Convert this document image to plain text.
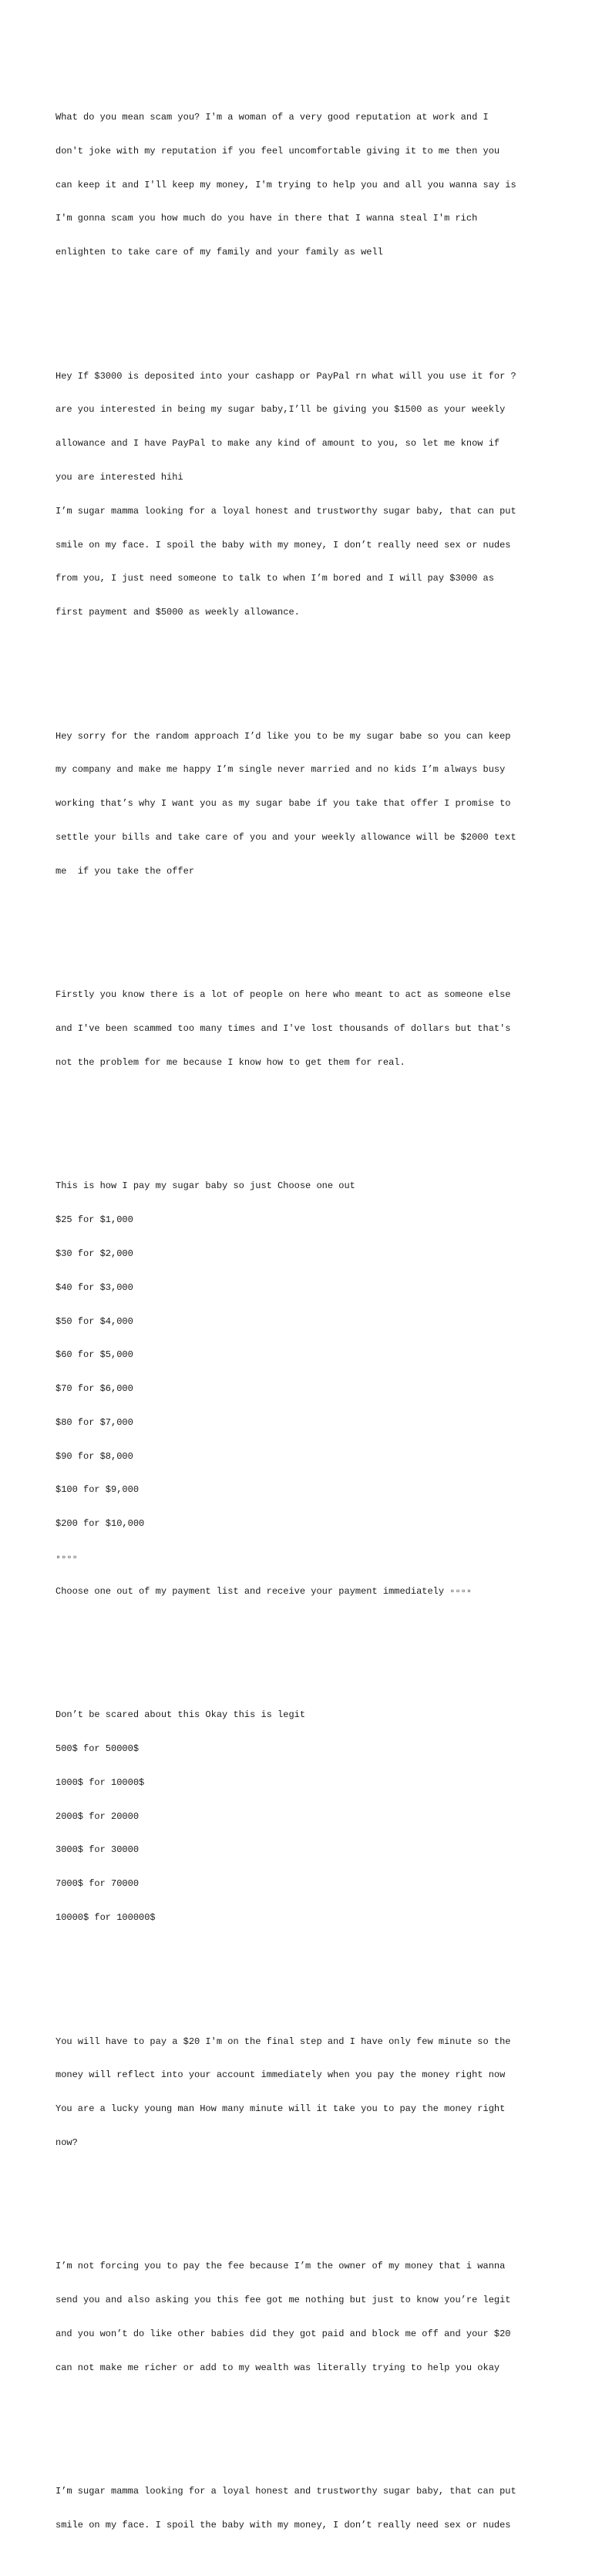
What do you mean scam you? I'm a woman of a very good reputation at work and I

don't joke with my reputation if you feel uncomfortable giving it to me then you

can keep it and I'll keep my money, I'm trying to help you and all you wanna say is

I'm gonna scam you how much do you have in there that I wanna steal I'm rich

enlighten to take care of my family and your family as well

Hey If $3000 is deposited into your cashapp or PayPal rn what will you use it for ?

are you interested in being my sugar baby,I’ll be giving you $1500 as your weekly

allowance and I have PayPal to make any kind of amount to you, so let me know if

you are interested hihi

I’m sugar mamma looking for a loyal honest and trustworthy sugar baby, that can put

smile on my face. I spoil the baby with my money, I don’t really need sex or nudes

from you, I just need someone to talk to when I’m bored and I will pay $3000 as

first payment and $5000 as weekly allowance.

Hey sorry for the random approach I’d like you to be my sugar babe so you can keep

my company and make me happy I’m single never married and no kids I’m always busy

working that’s why I want you as my sugar babe if you take that offer I promise to

settle your bills and take care of you and your weekly allowance will be $2000 text

me  if you take the offer

Firstly you know there is a lot of people on here who meant to act as someone else

and I've been scammed too many times and I've lost thousands of dollars but that's

not the problem for me because I know how to get them for real.

This is how I pay my sugar baby so just Choose one out

$25 for $1,000

$30 for $2,000

$40 for $3,000

$50 for $4,000

$60 for $5,000

$70 for $6,000

$80 for $7,000

$90 for $8,000

$100 for $9,000

$200 for $10,000

▫▫▫▫

Choose one out of my payment list and receive your payment immediately ▫▫▫▫

Don’t be scared about this Okay this is legit

500$ for 50000$

1000$ for 10000$

2000$ for 20000

3000$ for 30000

7000$ for 70000

10000$ for 100000$

You will have to pay a $20 I'm on the final step and I have only few minute so the

money will reflect into your account immediately when you pay the money right now

You are a lucky young man How many minute will it take you to pay the money right

now?

I’m not forcing you to pay the fee because I’m the owner of my money that i wanna

send you and also asking you this fee got me nothing but just to know you’re legit

and you won’t do like other babies did they got paid and block me off and your $20

can not make me richer or add to my wealth was literally trying to help you okay

I’m sugar mamma looking for a loyal honest and trustworthy sugar baby, that can put

smile on my face. I spoil the baby with my money, I don’t really need sex or nudes
